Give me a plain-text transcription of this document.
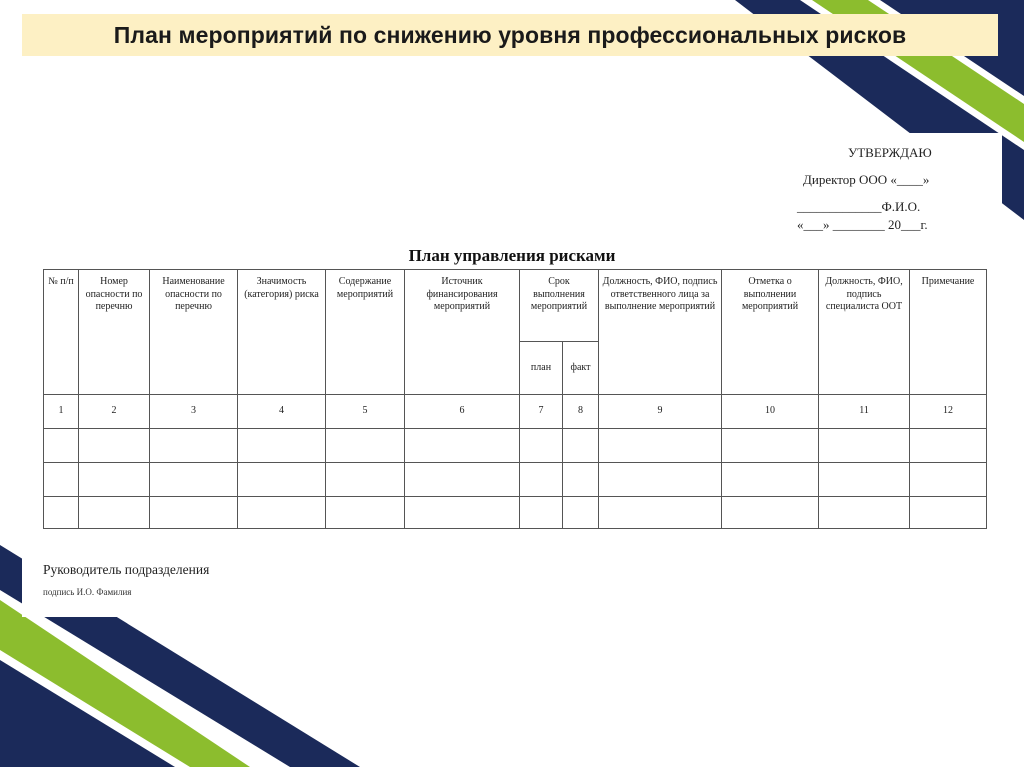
План мероприятий по снижению уровня профессиональных рисков
УТВЕРЖДАЮ
Директор ООО «____»
_____________Ф.И.О.
«___» ________ 20___г.
План управления рисками
№ п/п	Номер опасности по перечню	Наименование опасности по перечню	Значимость (категория) риска	Содержание мероприятий	Источник финансирования мероприятий	Срок выполнения мероприятий		Должность, ФИО, подпись ответственного лица за выполнение мероприятий	Отметка о выполнении мероприятий	Должность, ФИО, подпись специалиста ООТ	Примечание
						план	факт				
1	2	3	4	5	6	7	8	9	10	11	12

Руководитель подразделения
подпись И.О. Фамилия
